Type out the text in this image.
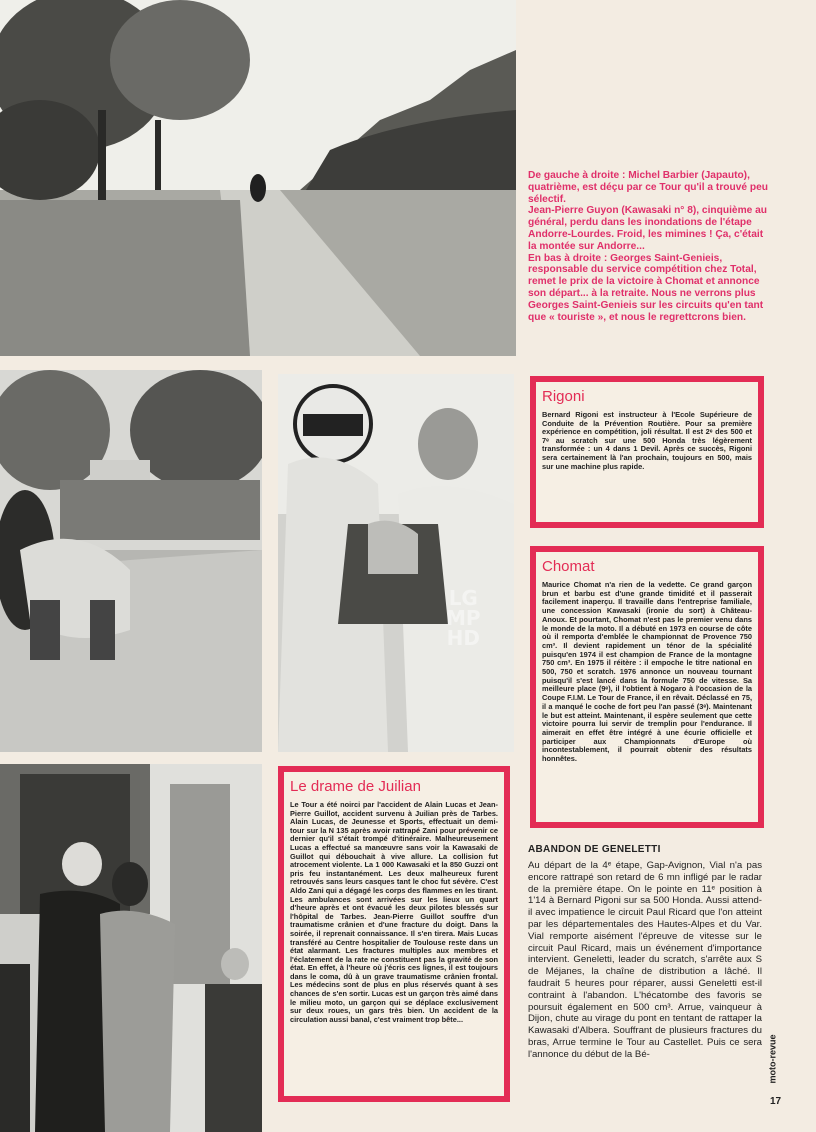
De gauche à droite : Michel Barbier (Japauto), quatrième, est déçu par ce Tour qu'il a trouvé peu sélectif.

Jean-Pierre Guyon (Kawasaki n° 8), cinquième au général, perdu dans les inondations de l'étape Andorre-Lourdes. Froid, les mimines ! Ça, c'était la montée sur Andorre...

En bas à droite : Georges Saint-Genieis, responsable du service compétition chez Total, remet le prix de la victoire à Chomat et annonce son départ... à la retraite. Nous ne verrons plus Georges Saint-Genieis sur les circuits qu'en tant que « touriste », et nous le regrettcrons bien.

LG
MP
HD
Rigoni
Bernard Rigoni est instructeur à l'Ecole Supérieure de Conduite de la Prévention Routière. Pour sa première expérience en compétition, joli résultat. Il est 2ᵉ des 500 et 7ᵉ au scratch sur une 500 Honda très légèrement transformée : un 4 dans 1 Devil. Après ce succès, Rigoni sera certainement là l'an prochain, toujours en 500, mais sur une machine plus rapide.
Chomat
Maurice Chomat n'a rien de la vedette. Ce grand garçon brun et barbu est d'une grande timidité et il passerait facilement inaperçu. Il travaille dans l'entreprise familiale, une concession Kawasaki (ironie du sort) à Château-Anoux. Et pourtant, Chomat n'est pas le premier venu dans le monde de la moto. Il a débuté en 1973 en course de côte où il remporta d'emblée le championnat de Provence 750 cm³. Il devient rapidement un ténor de la spécialité puisqu'en 1974 il est champion de France de la montagne 750 cm³. En 1975 il réitère : il empoche le titre national en 500, 750 et scratch. 1976 annonce un nouveau tournant puisqu'il s'est lancé dans la formule 750 de vitesse. Sa meilleure place (9ᵉ), il l'obtient à Nogaro à l'occasion de la Coupe F.I.M. Le Tour de France, il en rêvait. Déclassé en 75, il a manqué le coche de fort peu l'an passé (3ᵉ). Maintenant le but est atteint. Maintenant, il espère seulement que cette victoire pourra lui servir de tremplin pour l'endurance. Il aimerait en effet être intégré à une écurie officielle et participer aux Championnats d'Europe où incontestablement, il pourrait obtenir des résultats honnêtes.
Le drame de Juilian
Le Tour a été noirci par l'accident de Alain Lucas et Jean-Pierre Guillot, accident survenu à Juilian près de Tarbes. Alain Lucas, de Jeunesse et Sports, effectuait un demi-tour sur la N 135 après avoir rattrapé Zani pour prévenir ce dernier qu'il s'était trompé d'itinéraire. Malheureusement Lucas a effectué sa manœuvre sans voir la Kawasaki de Guillot qui débouchait à vive allure. La collision fut atrocement violente. La 1 000 Kawasaki et la 850 Guzzi ont pris feu instantanément. Les deux malheureux furent retrouvés sans leurs casques tant le choc fut sévère. C'est Aldo Zani qui a dégagé les corps des flammes en les tirant. Les ambulances sont arrivées sur les lieux un quart d'heure après et ont évacué les deux pilotes blessés sur l'hôpital de Tarbes. Jean-Pierre Guillot souffre d'un traumatisme crânien et d'une fracture du doigt. Dans la soirée, il reprenait connaissance. Il s'en tirera. Mais Lucas transféré au Centre hospitalier de Toulouse reste dans un état alarmant. Les fractures multiples aux membres et l'éclatement de la rate ne constituent pas la gravité de son état. En effet, à l'heure où j'écris ces lignes, il est toujours dans le coma, dû à un grave traumatisme crânien frontal. Les médecins sont de plus en plus réservés quant à ses chances de s'en sortir. Lucas est un garçon très aimé dans le milieu moto, un garçon qui se déplace exclusivement sur deux roues, un gars très bien. Un accident de la circulation aussi banal, c'est vraiment trop bête...
ABANDON DE GENELETTI
Au départ de la 4ᵉ étape, Gap-Avignon, Vial n'a pas encore rattrapé son retard de 6 mn infligé par le radar de la première étape. On le pointe en 11ᵉ position à 1'14 à Bernard Pigoni sur sa 500 Honda. Aussi attend-il avec impatience le circuit Paul Ricard que l'on atteint par les départementales des Hautes-Alpes et du Var. Vial remporte aisément l'épreuve de vitesse sur le circuit Paul Ricard, mais un événement d'importance intervient. Geneletti, leader du scratch, s'arrête aux S de Méjanes, la chaîne de distribution a lâché. Il faudrait 5 heures pour réparer, aussi Geneletti est-il contraint à l'abandon. L'hécatombe des favoris se poursuit également en 500 cm³. Arrue, vainqueur à Dijon, chute au virage du pont en tentant de rattaper la Kawasaki d'Albera. Souffrant de plusieurs fractures du bras, Arrue termine le Tour au Castellet. Puis ce sera l'annonce du début de la Bé-	moto-revue
17
